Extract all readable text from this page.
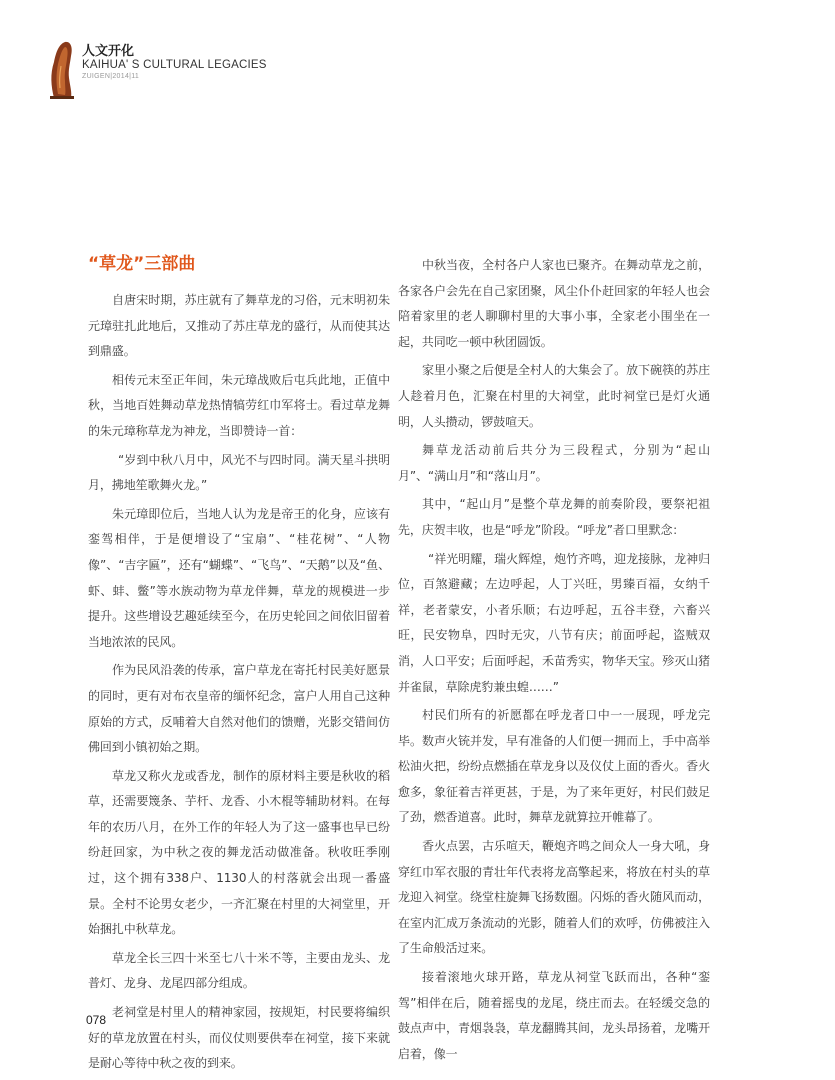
人文开化
KAIHUA' S CULTURAL LEGACIES
ZUIGEN|2014|11
“草龙”三部曲

自唐宋时期，苏庄就有了舞草龙的习俗，元末明初朱元璋驻扎此地后，又推动了苏庄草龙的盛行，从而使其达到鼎盛。

相传元末至正年间，朱元璋战败后屯兵此地，正值中秋，当地百姓舞动草龙热情犒劳红巾军将士。看过草龙舞的朱元璋称草龙为神龙，当即赞诗一首：

“岁到中秋八月中，风光不与四时同。满天星斗拱明月，拂地笙歌舞火龙。”

朱元璋即位后，当地人认为龙是帝王的化身，应该有銮驾相伴，于是便增设了“宝扇”、“桂花树”、“人物像”、“吉字匾”，还有“蝴蝶”、“飞鸟”、“天鹅”以及“鱼、虾、蚌、鳖”等水族动物为草龙伴舞，草龙的规模进一步提升。这些增设艺趣延续至今，在历史轮回之间依旧留着当地浓浓的民风。

作为民风沿袭的传承，富户草龙在寄托村民美好愿景的同时，更有对布衣皇帝的缅怀纪念，富户人用自己这种原始的方式，反哺着大自然对他们的馈赠，光影交错间仿佛回到小镇初始之期。

草龙又称火龙或香龙，制作的原材料主要是秋收的稻草，还需要篾条、芋杆、龙香、小木棍等辅助材料。在每年的农历八月，在外工作的年轻人为了这一盛事也早已纷纷赶回家，为中秋之夜的舞龙活动做准备。秋收旺季刚过，这个拥有338户、1130人的村落就会出现一番盛景。全村不论男女老少，一齐汇聚在村里的大祠堂里，开始捆扎中秋草龙。

草龙全长三四十米至七八十米不等，主要由龙头、龙普灯、龙身、龙尾四部分组成。

老祠堂是村里人的精神家园，按规矩，村民要将编织好的草龙放置在村头，而仪仗则要供奉在祠堂，接下来就是耐心等待中秋之夜的到来。

中秋当夜，全村各户人家也已聚齐。在舞动草龙之前，各家各户会先在自己家团聚，风尘仆仆赶回家的年轻人也会陪着家里的老人聊聊村里的大事小事，全家老小围坐在一起，共同吃一顿中秋团圆饭。

家里小聚之后便是全村人的大集会了。放下碗筷的苏庄人趁着月色，汇聚在村里的大祠堂，此时祠堂已是灯火通明，人头攒动，锣鼓喧天。

舞草龙活动前后共分为三段程式，分别为“起山月”、“满山月”和“落山月”。

其中，“起山月”是整个草龙舞的前奏阶段，要祭祀祖先，庆贺丰收，也是“呼龙”阶段。“呼龙”者口里默念：

“祥光明耀，瑞火辉煌，炮竹齐鸣，迎龙接脉，龙神归位，百煞避藏；左边呼起，人丁兴旺，男臻百福，女纳千祥，老者蒙安，小者乐顺；右边呼起，五谷丰登，六畜兴旺，民安物阜，四时无灾，八节有庆；前面呼起，盗贼双消，人口平安；后面呼起，禾苗秀实，物华天宝。殄灭山猪并雀鼠，草除虎豹兼虫蝗……”

村民们所有的祈愿都在呼龙者口中一一展现，呼龙完毕。数声火铳并发，早有准备的人们便一拥而上，手中高举松油火把，纷纷点燃插在草龙身以及仪仗上面的香火。香火愈多，象征着吉祥更甚，于是，为了来年更好，村民们鼓足了劲，燃香道喜。此时，舞草龙就算拉开帷幕了。

香火点罢，古乐喧天，鞭炮齐鸣之间众人一身大吼，身穿红巾军衣服的青壮年代表将龙高擎起来，将放在村头的草龙迎入祠堂。绕堂柱旋舞飞扬数圈。闪烁的香火随风而动，在室内汇成万条流动的光影，随着人们的欢呼，仿佛被注入了生命般活过来。

接着滚地火球开路，草龙从祠堂飞跃而出，各种“銮驾”相伴在后，随着摇曳的龙尾，绕庄而去。在轻缓交急的鼓点声中，青烟袅袅，草龙翻腾其间，龙头昂扬着，龙嘴开启着，像一

078
